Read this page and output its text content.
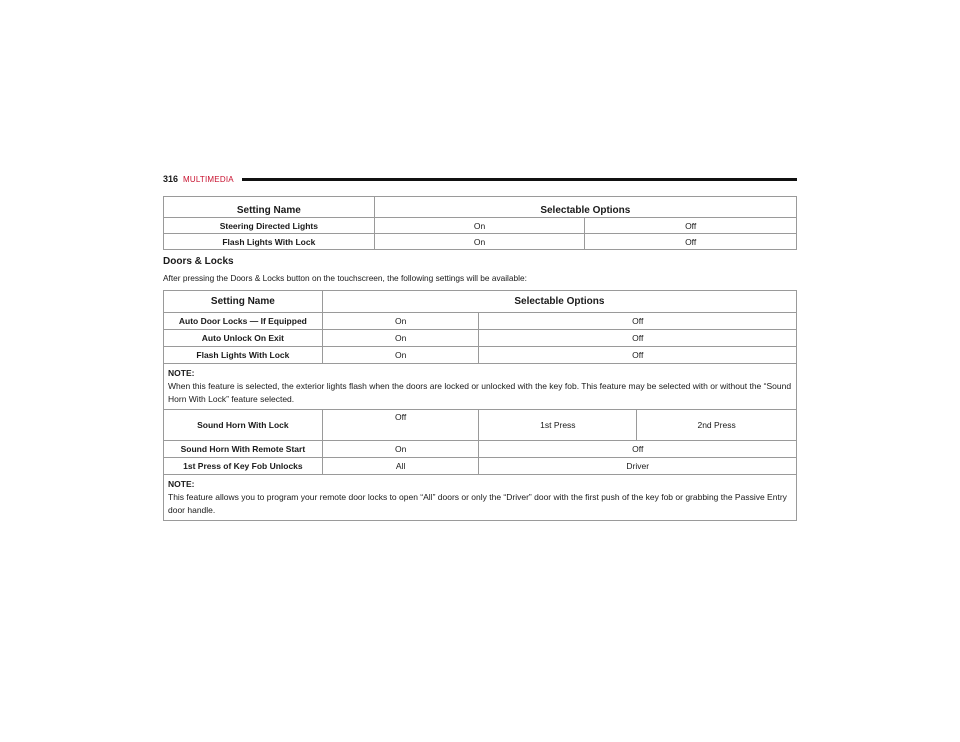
316 MULTIMEDIA
Setting Name	Selectable Options	
Steering Directed Lights	On	Off
Flash Lights With Lock	On	Off
Doors & Locks
After pressing the Doors & Locks button on the touchscreen, the following settings will be available:
Setting Name	Selectable Options		
Auto Door Locks — If Equipped	On	Off	
Auto Unlock On Exit	On	Off	
Flash Lights With Lock	On	Off	

NOTE:
When this feature is selected, the exterior lights flash when the doors are locked or unlocked with the key fob. This feature may be selected with or without the “Sound Horn With Lock” feature selected.			
Sound Horn With Lock	Off	1st Press	2nd Press
Sound Horn With Remote Start	On	Off	
1st Press of Key Fob Unlocks	All	Driver	

NOTE:
This feature allows you to program your remote door locks to open “All” doors or only the “Driver” door with the first push of the key fob or grabbing the Passive Entry door handle.			
